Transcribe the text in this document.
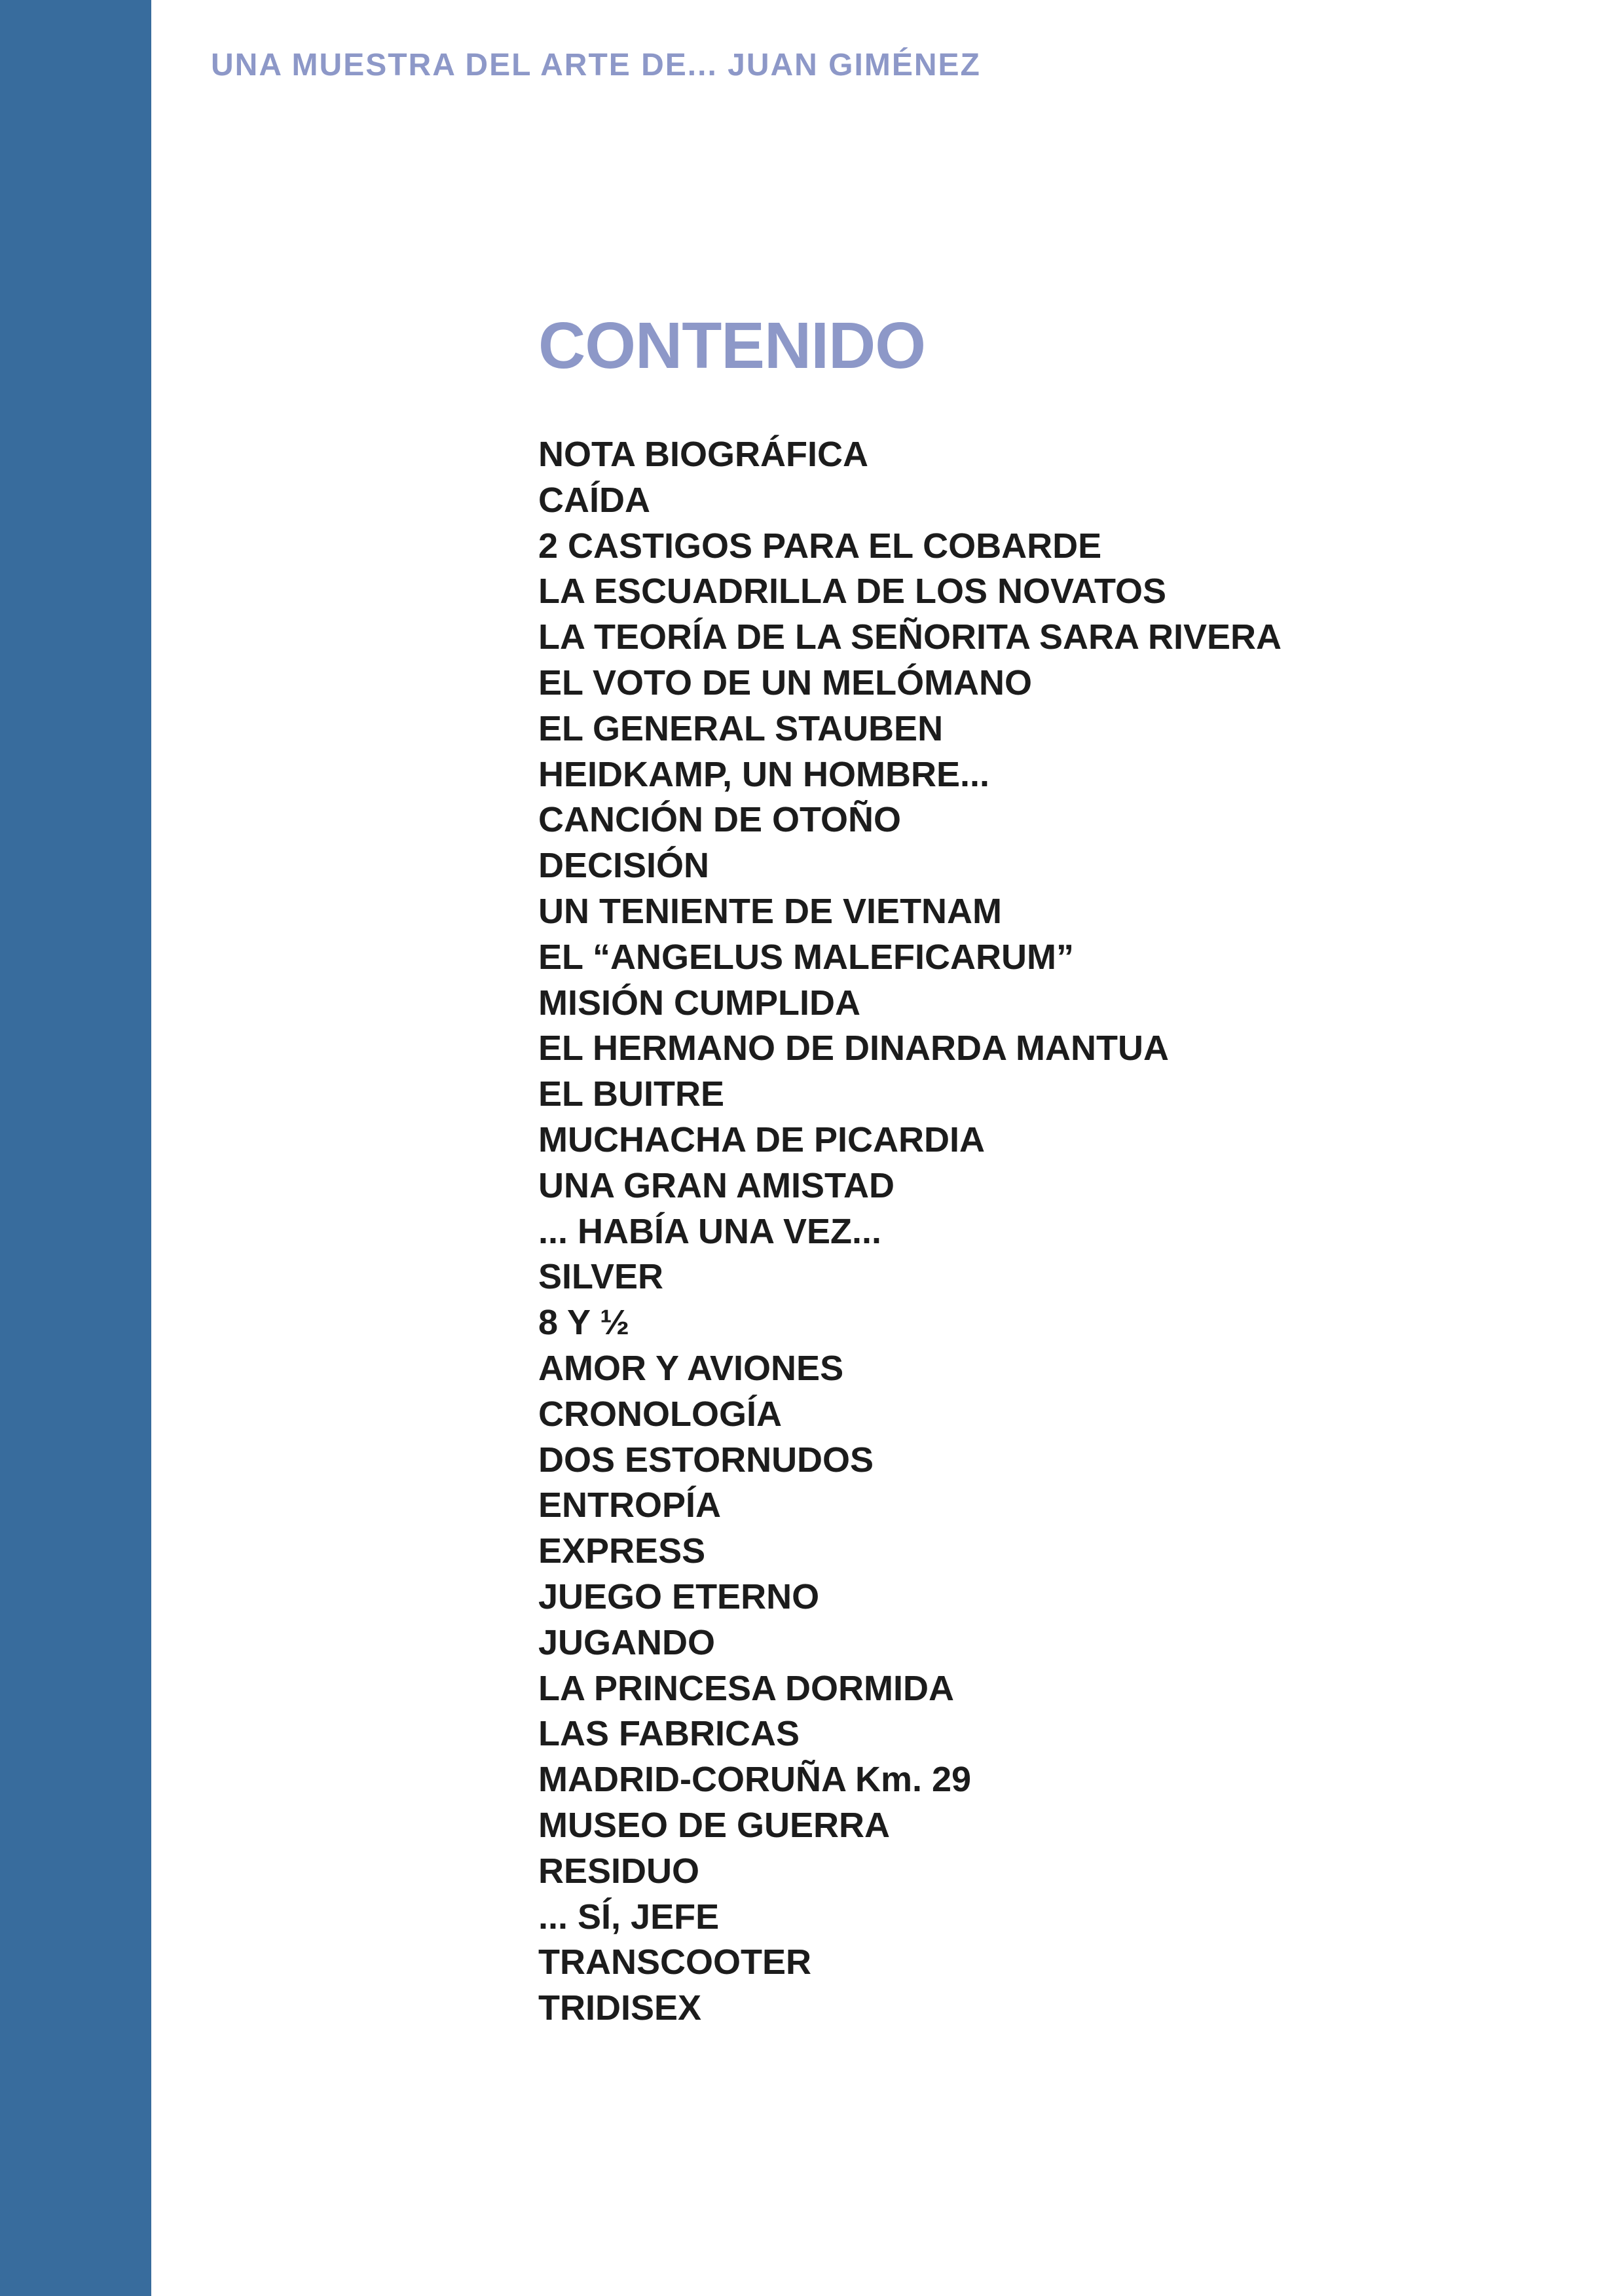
UNA MUESTRA DEL ARTE DE... JUAN GIMÉNEZ
CONTENIDO
NOTA BIOGRÁFICA
CAÍDA
2 CASTIGOS PARA EL COBARDE
LA ESCUADRILLA DE LOS NOVATOS
LA TEORÍA DE LA SEÑORITA SARA RIVERA
EL VOTO DE UN MELÓMANO
EL GENERAL STAUBEN
HEIDKAMP, UN HOMBRE...
CANCIÓN DE OTOÑO
DECISIÓN
UN TENIENTE DE VIETNAM
EL “ANGELUS MALEFICARUM”
MISIÓN CUMPLIDA
EL HERMANO DE DINARDA MANTUA
EL BUITRE
MUCHACHA DE PICARDIA
UNA GRAN AMISTAD
... HABÍA UNA VEZ...
SILVER
8 Y ½
AMOR Y AVIONES
CRONOLOGÍA
DOS ESTORNUDOS
ENTROPÍA
EXPRESS
JUEGO ETERNO
JUGANDO
LA PRINCESA DORMIDA
LAS FABRICAS
MADRID-CORUÑA Km. 29
MUSEO DE GUERRA
RESIDUO
... SÍ, JEFE
TRANSCOOTER
TRIDISEX
